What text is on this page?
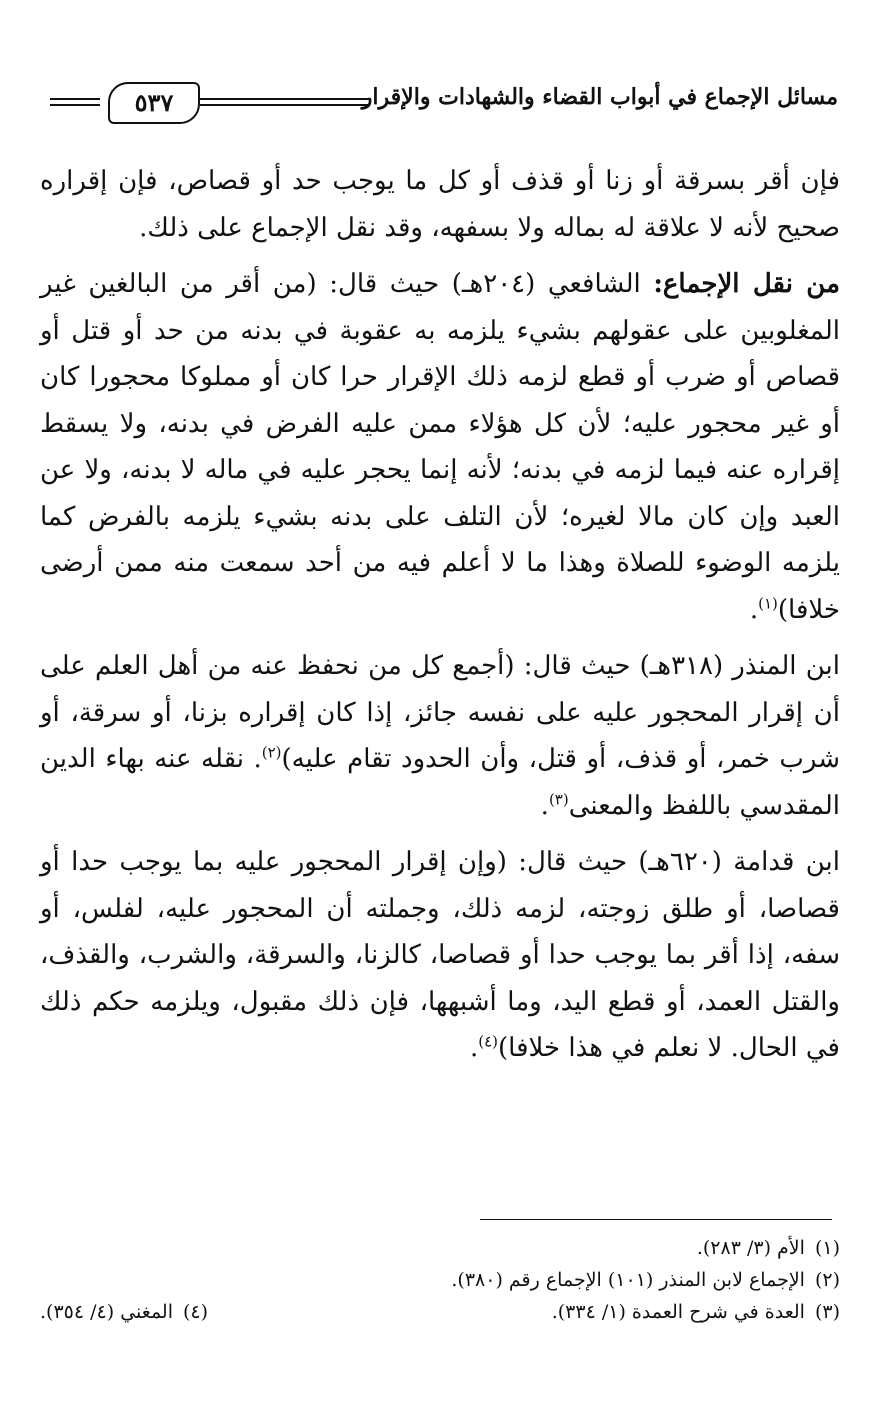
مسائل الإجماع في أبواب القضاء والشهادات والإقرار
٥٣٧

فإن أقر بسرقة أو زنا أو قذف أو كل ما يوجب حد أو قصاص، فإن إقراره صحيح لأنه لا علاقة له بماله ولا بسفهه، وقد نقل الإجماع على ذلك.

من نقل الإجماع: الشافعي (٢٠٤هـ) حيث قال: (من أقر من البالغين غير المغلوبين على عقولهم بشيء يلزمه به عقوبة في بدنه من حد أو قتل أو قصاص أو ضرب أو قطع لزمه ذلك الإقرار حرا كان أو مملوكا محجورا كان أو غير محجور عليه؛ لأن كل هؤلاء ممن عليه الفرض في بدنه، ولا يسقط إقراره عنه فيما لزمه في بدنه؛ لأنه إنما يحجر عليه في ماله لا بدنه، ولا عن العبد وإن كان مالا لغيره؛ لأن التلف على بدنه بشيء يلزمه بالفرض كما يلزمه الوضوء للصلاة وهذا ما لا أعلم فيه من أحد سمعت منه ممن أرضى خلافا)$^{(١)}$.

ابن المنذر (٣١٨هـ) حيث قال: (أجمع كل من نحفظ عنه من أهل العلم على أن إقرار المحجور عليه على نفسه جائز، إذا كان إقراره بزنا، أو سرقة، أو شرب خمر، أو قذف، أو قتل، وأن الحدود تقام عليه)$^{(٢)}$. نقله عنه بهاء الدين المقدسي باللفظ والمعنى$^{(٣)}$.

ابن قدامة (٦٢٠هـ) حيث قال: (وإن إقرار المحجور عليه بما يوجب حدا أو قصاصا، أو طلق زوجته، لزمه ذلك، وجملته أن المحجور عليه، لفلس، أو سفه، إذا أقر بما يوجب حدا أو قصاصا، كالزنا، والسرقة، والشرب، والقذف، والقتل العمد، أو قطع اليد، وما أشبهها، فإن ذلك مقبول، ويلزمه حكم ذلك في الحال. لا نعلم في هذا خلافا)$^{(٤)}$.

(١)الأم (٣/ ٢٨٣).
(٢)الإجماع لابن المنذر (١٠١) الإجماع رقم (٣٨٠).
(٣)العدة في شرح العمدة (١/ ٣٣٤).
(٤)المغني (٤/ ٣٥٤).
